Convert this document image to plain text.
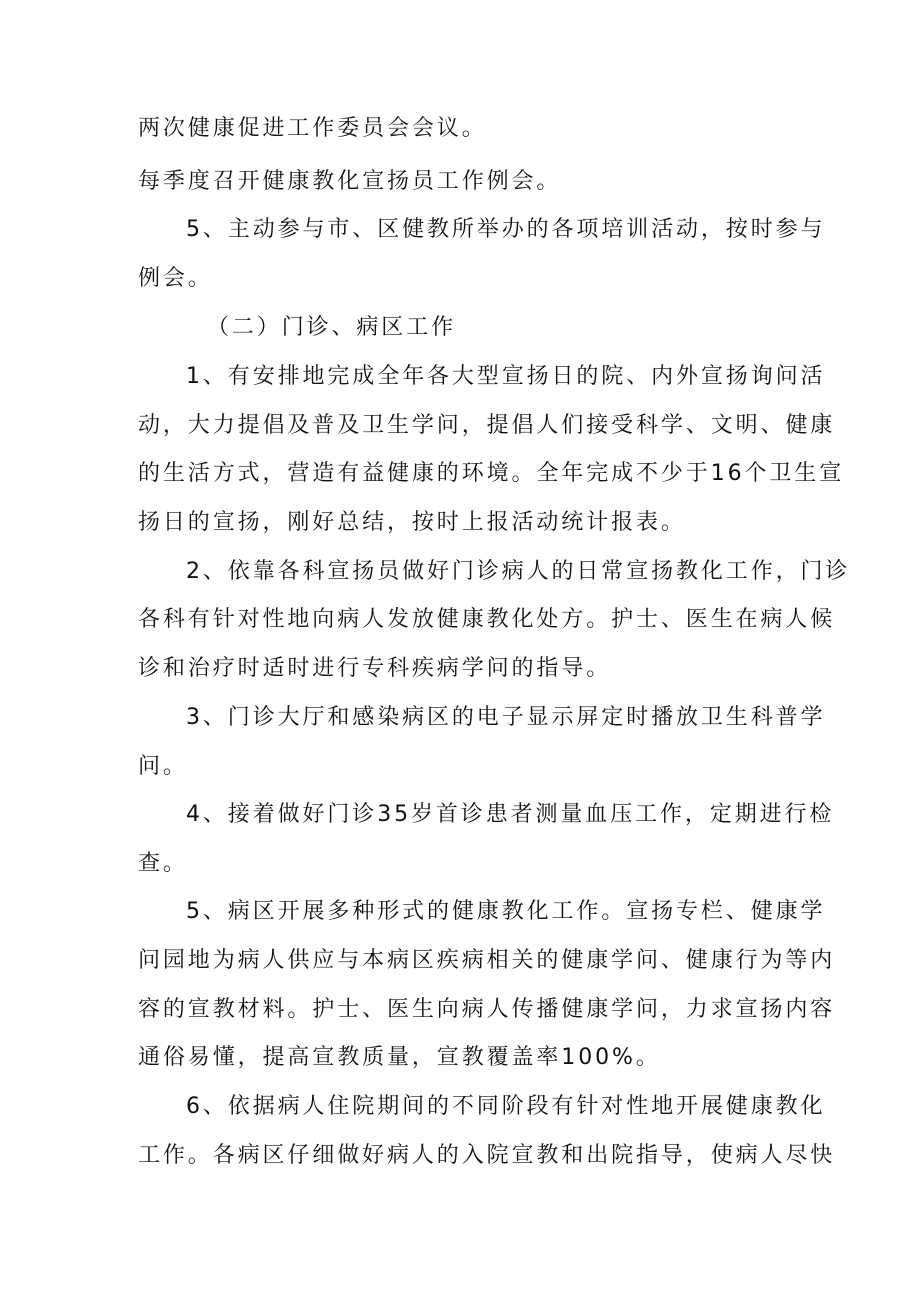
两次健康促进工作委员会会议。
每季度召开健康教化宣扬员工作例会。
5、主动参与市、区健教所举办的各项培训活动，按时参与
例会。
（二）门诊、病区工作
1、有安排地完成全年各大型宣扬日的院、内外宣扬询问活
动，大力提倡及普及卫生学问，提倡人们接受科学、文明、健康
的生活方式，营造有益健康的环境。全年完成不少于16个卫生宣
扬日的宣扬，刚好总结，按时上报活动统计报表。
2、依靠各科宣扬员做好门诊病人的日常宣扬教化工作，门诊
各科有针对性地向病人发放健康教化处方。护士、医生在病人候
诊和治疗时适时进行专科疾病学问的指导。
3、门诊大厅和感染病区的电子显示屏定时播放卫生科普学
问。
4、接着做好门诊35岁首诊患者测量血压工作，定期进行检
查。
5、病区开展多种形式的健康教化工作。宣扬专栏、健康学
问园地为病人供应与本病区疾病相关的健康学问、健康行为等内
容的宣教材料。护士、医生向病人传播健康学问，力求宣扬内容
通俗易懂，提高宣教质量，宣教覆盖率100%。
6、依据病人住院期间的不同阶段有针对性地开展健康教化
工作。各病区仔细做好病人的入院宣教和出院指导，使病人尽快
